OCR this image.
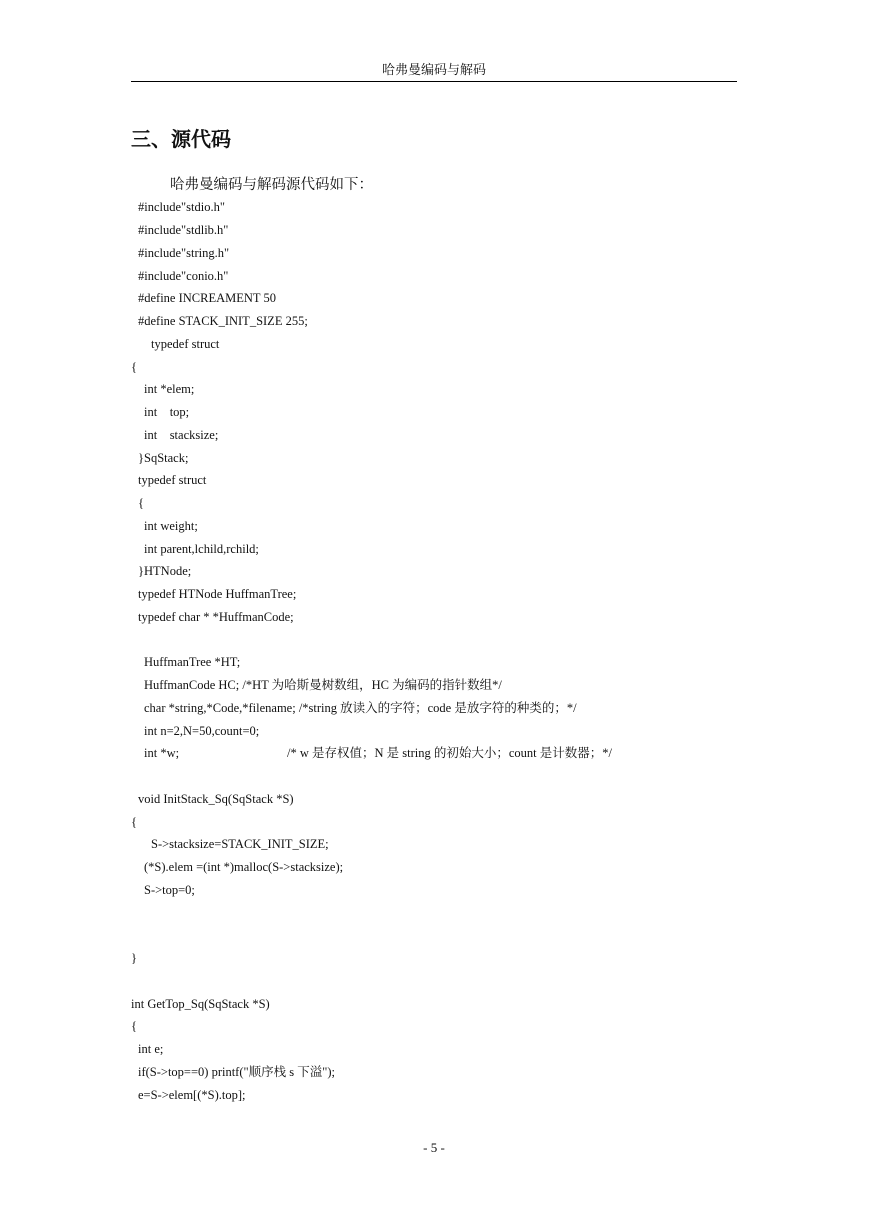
哈弗曼编码与解码
三、源代码
哈弗曼编码与解码源代码如下：
#include"stdio.h"
#include"stdlib.h"
#include"string.h"
#include"conio.h"
#define INCREAMENT 50
#define STACK_INIT_SIZE 255;
typedef struct
{
int *elem;
int    top;
int    stacksize;
}SqStack;
typedef struct
{
int weight;
int parent,lchild,rchild;
}HTNode;
typedef HTNode HuffmanTree;
typedef char * *HuffmanCode;
HuffmanTree *HT;
HuffmanCode HC; /*HT 为哈斯曼树数组，HC 为编码的指针数组*/
char *string,*Code,*filename; /*string 放读入的字符；code 是放字符的种类的；*/
int n=2,N=50,count=0;
int *w;	/* w 是存权值；N 是 string 的初始大小；count 是计数器；*/
void InitStack_Sq(SqStack *S)
{
S->stacksize=STACK_INIT_SIZE;
(*S).elem =(int *)malloc(S->stacksize);
S->top=0;
}
int GetTop_Sq(SqStack *S)
{
int e;
if(S->top==0) printf("顺序栈 s 下溢");
e=S->elem[(*S).top];
- 5 -
